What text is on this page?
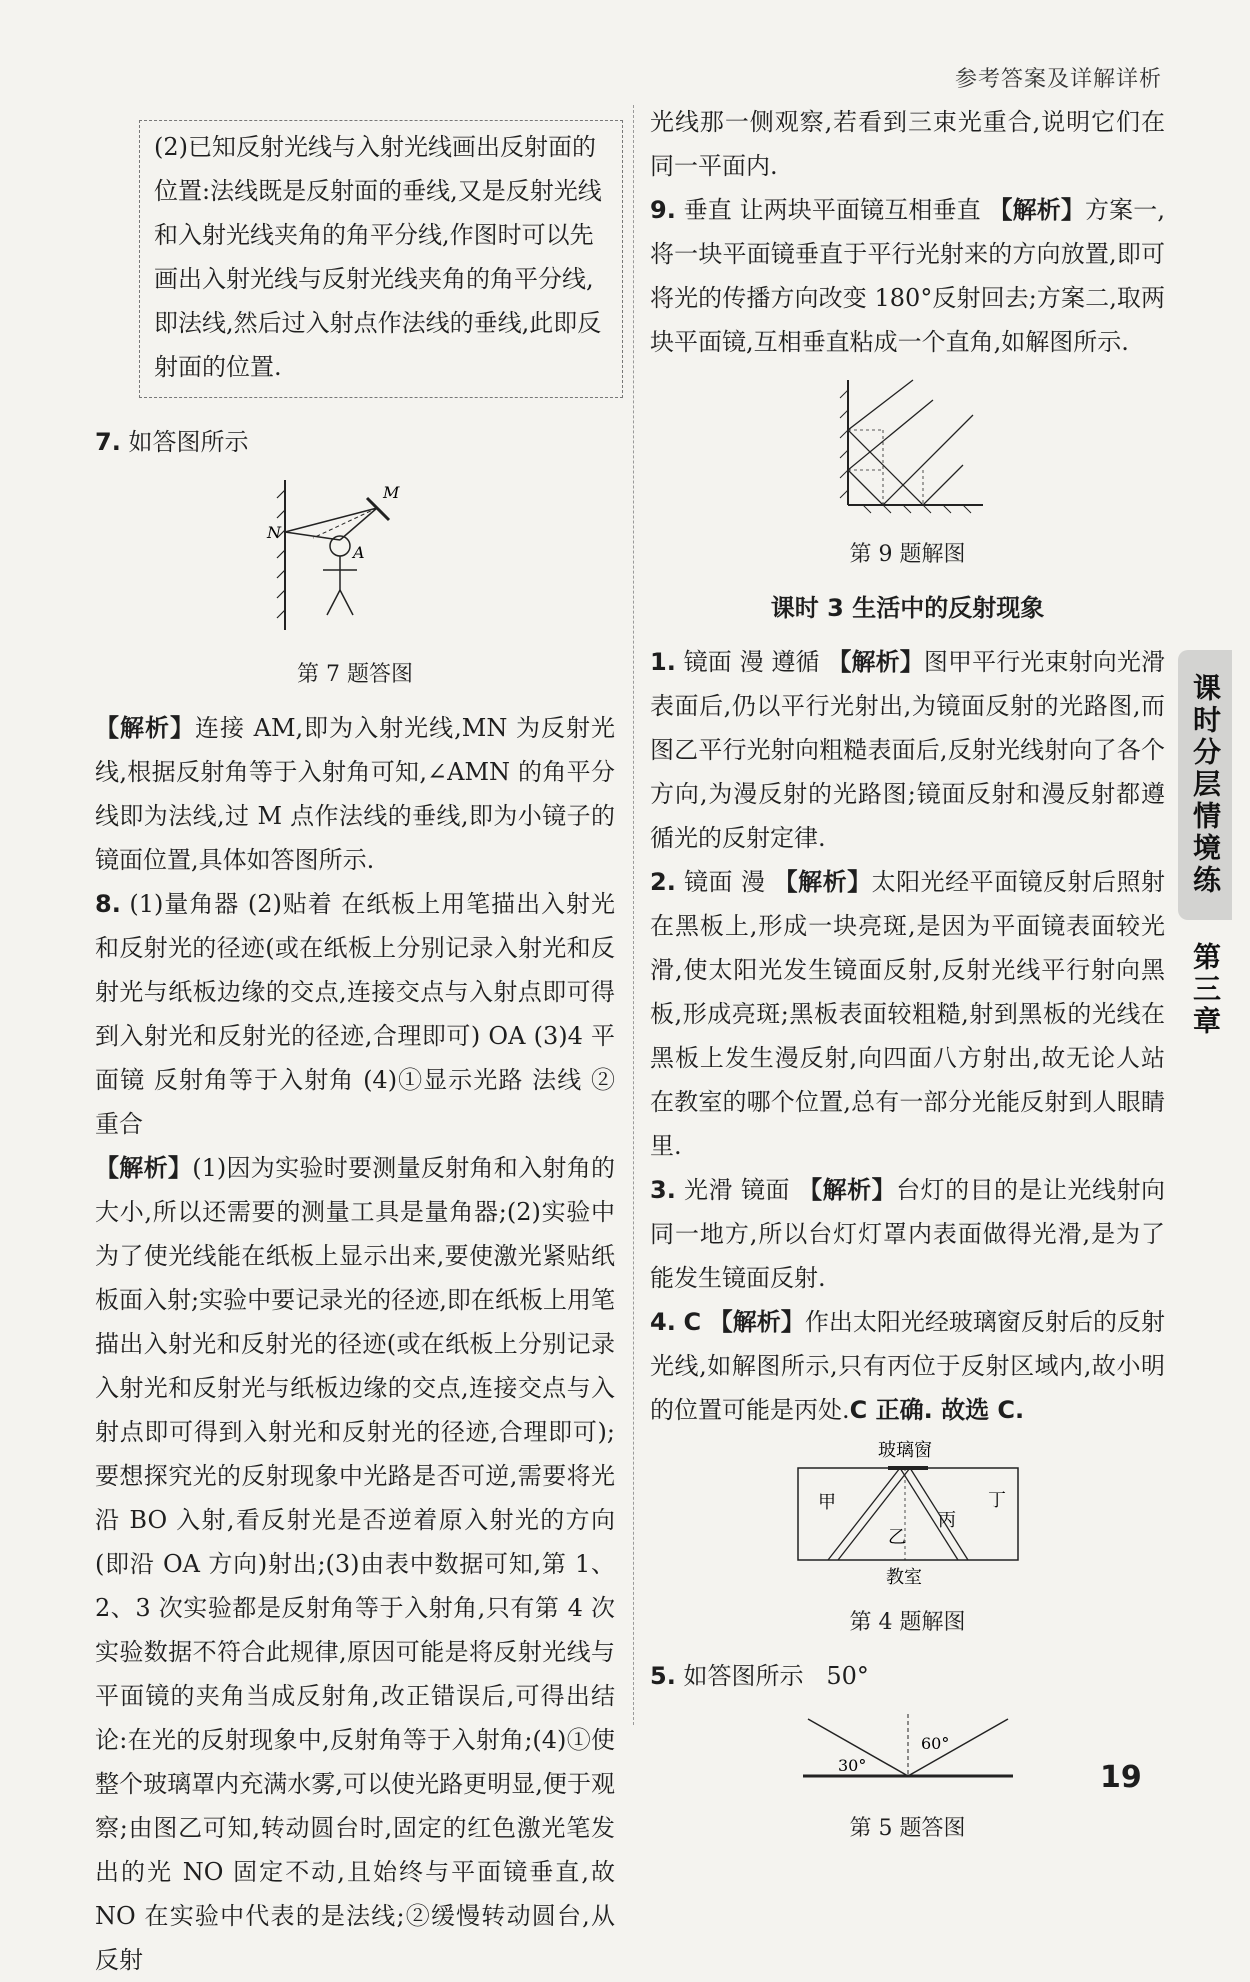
参考答案及详解详析
(2)已知反射光线与入射光线画出反射面的位置:法线既是反射面的垂线,又是反射光线和入射光线夹角的角平分线,作图时可以先画出入射光线与反射光线夹角的角平分线,即法线,然后过入射点作法线的垂线,此即反射面的位置.

7. 如答图所示

N
M
A
第 7 题答图

【解析】连接 AM,即为入射光线,MN 为反射光线,根据反射角等于入射角可知,∠AMN 的角平分线即为法线,过 M 点作法线的垂线,即为小镜子的镜面位置,具体如答图所示.

8. (1)量角器 (2)贴着 在纸板上用笔描出入射光和反射光的径迹(或在纸板上分别记录入射光和反射光与纸板边缘的交点,连接交点与入射点即可得到入射光和反射光的径迹,合理即可) OA (3)4 平面镜 反射角等于入射角 (4)①显示光路 法线 ②重合

【解析】(1)因为实验时要测量反射角和入射角的大小,所以还需要的测量工具是量角器;(2)实验中为了使光线能在纸板上显示出来,要使激光紧贴纸板面入射;实验中要记录光的径迹,即在纸板上用笔描出入射光和反射光的径迹(或在纸板上分别记录入射光和反射光与纸板边缘的交点,连接交点与入射点即可得到入射光和反射光的径迹,合理即可);要想探究光的反射现象中光路是否可逆,需要将光沿 BO 入射,看反射光是否逆着原入射光的方向(即沿 OA 方向)射出;(3)由表中数据可知,第 1、2、3 次实验都是反射角等于入射角,只有第 4 次实验数据不符合此规律,原因可能是将反射光线与平面镜的夹角当成反射角,改正错误后,可得出结论:在光的反射现象中,反射角等于入射角;(4)①使整个玻璃罩内充满水雾,可以使光路更明显,便于观察;由图乙可知,转动圆台时,固定的红色激光笔发出的光 NO 固定不动,且始终与平面镜垂直,故 NO 在实验中代表的是法线;②缓慢转动圆台,从反射

光线那一侧观察,若看到三束光重合,说明它们在同一平面内.

9. 垂直 让两块平面镜互相垂直 【解析】方案一,将一块平面镜垂直于平行光射来的方向放置,即可将光的传播方向改变 180°反射回去;方案二,取两块平面镜,互相垂直粘成一个直角,如解图所示.

第 9 题解图
课时 3 生活中的反射现象

1. 镜面 漫 遵循 【解析】图甲平行光束射向光滑表面后,仍以平行光射出,为镜面反射的光路图,而图乙平行光射向粗糙表面后,反射光线射向了各个方向,为漫反射的光路图;镜面反射和漫反射都遵循光的反射定律.

2. 镜面 漫 【解析】太阳光经平面镜反射后照射在黑板上,形成一块亮斑,是因为平面镜表面较光滑,使太阳光发生镜面反射,反射光线平行射向黑板,形成亮斑;黑板表面较粗糙,射到黑板的光线在黑板上发生漫反射,向四面八方射出,故无论人站在教室的哪个位置,总有一部分光能反射到人眼睛里.

3. 光滑 镜面 【解析】台灯的目的是让光线射向同一地方,所以台灯灯罩内表面做得光滑,是为了能发生镜面反射.

4. C 【解析】作出太阳光经玻璃窗反射后的反射光线,如解图所示,只有丙位于反射区域内,故小明的位置可能是丙处.C 正确. 故选 C.

玻璃窗
甲
乙
丙
丁
教室
第 4 题解图

5. 如答图所示 50°

30°
60°
第 5 题答图
课时分层情境练
第三章
19
